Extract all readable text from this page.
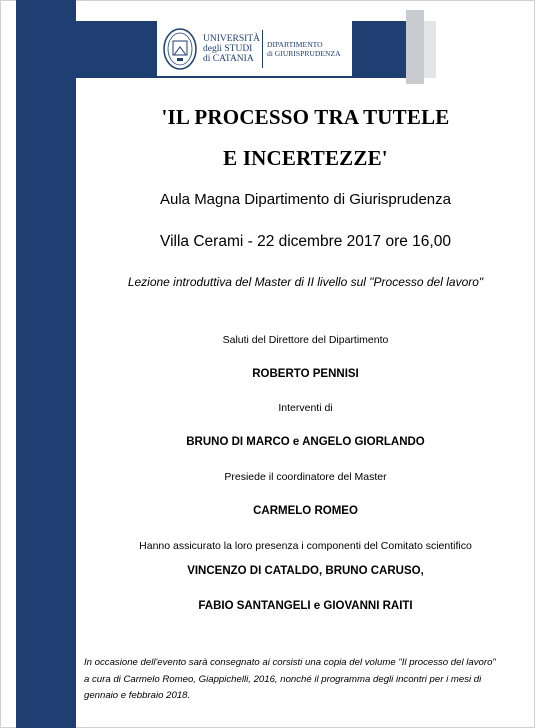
UNIVERSITÀ
degli STUDI
di CATANIA
DIPARTIMENTO
di GIURISPRUDENZA
'IL PROCESSO TRA TUTELE
E INCERTEZZE'
Aula Magna Dipartimento di Giurisprudenza
Villa Cerami - 22 dicembre 2017 ore 16,00
Lezione introduttiva del Master di II livello sul "Processo del lavoro"
Saluti del Direttore del Dipartimento
ROBERTO PENNISI
Interventi di
BRUNO DI MARCO e ANGELO GIORLANDO
Presiede il coordinatore del Master
CARMELO ROMEO
Hanno assicurato la loro presenza i componenti del Comitato scientifico
VINCENZO DI CATALDO, BRUNO CARUSO,
FABIO SANTANGELI e GIOVANNI RAITI
In occasione dell'evento sarà consegnato ai corsisti una copia del volume "Il processo del lavoro"
a cura di Carmelo Romeo, Giappichelli, 2016, nonché il programma degli incontri per i mesi di
gennaio e febbraio 2018.
